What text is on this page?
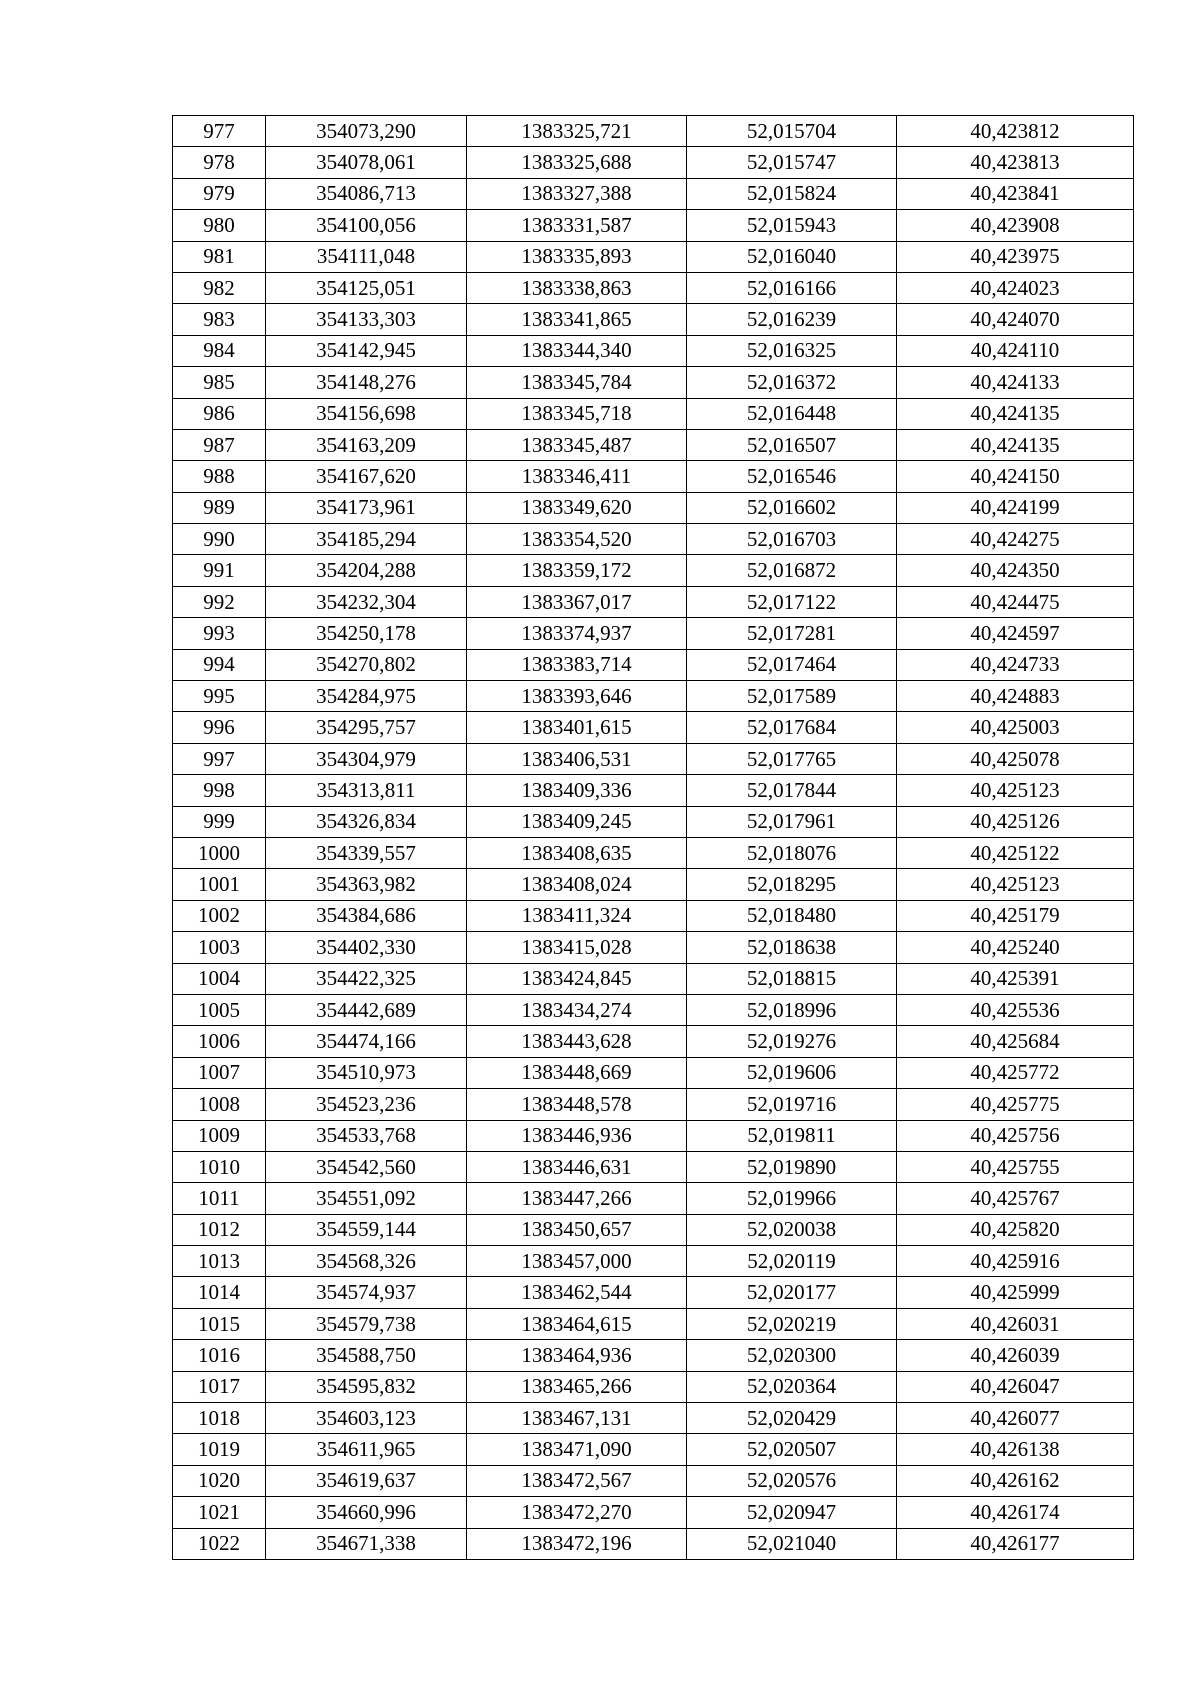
977	354073,290	1383325,721	52,015704	40,423812
978	354078,061	1383325,688	52,015747	40,423813
979	354086,713	1383327,388	52,015824	40,423841
980	354100,056	1383331,587	52,015943	40,423908
981	354111,048	1383335,893	52,016040	40,423975
982	354125,051	1383338,863	52,016166	40,424023
983	354133,303	1383341,865	52,016239	40,424070
984	354142,945	1383344,340	52,016325	40,424110
985	354148,276	1383345,784	52,016372	40,424133
986	354156,698	1383345,718	52,016448	40,424135
987	354163,209	1383345,487	52,016507	40,424135
988	354167,620	1383346,411	52,016546	40,424150
989	354173,961	1383349,620	52,016602	40,424199
990	354185,294	1383354,520	52,016703	40,424275
991	354204,288	1383359,172	52,016872	40,424350
992	354232,304	1383367,017	52,017122	40,424475
993	354250,178	1383374,937	52,017281	40,424597
994	354270,802	1383383,714	52,017464	40,424733
995	354284,975	1383393,646	52,017589	40,424883
996	354295,757	1383401,615	52,017684	40,425003
997	354304,979	1383406,531	52,017765	40,425078
998	354313,811	1383409,336	52,017844	40,425123
999	354326,834	1383409,245	52,017961	40,425126
1000	354339,557	1383408,635	52,018076	40,425122
1001	354363,982	1383408,024	52,018295	40,425123
1002	354384,686	1383411,324	52,018480	40,425179
1003	354402,330	1383415,028	52,018638	40,425240
1004	354422,325	1383424,845	52,018815	40,425391
1005	354442,689	1383434,274	52,018996	40,425536
1006	354474,166	1383443,628	52,019276	40,425684
1007	354510,973	1383448,669	52,019606	40,425772
1008	354523,236	1383448,578	52,019716	40,425775
1009	354533,768	1383446,936	52,019811	40,425756
1010	354542,560	1383446,631	52,019890	40,425755
1011	354551,092	1383447,266	52,019966	40,425767
1012	354559,144	1383450,657	52,020038	40,425820
1013	354568,326	1383457,000	52,020119	40,425916
1014	354574,937	1383462,544	52,020177	40,425999
1015	354579,738	1383464,615	52,020219	40,426031
1016	354588,750	1383464,936	52,020300	40,426039
1017	354595,832	1383465,266	52,020364	40,426047
1018	354603,123	1383467,131	52,020429	40,426077
1019	354611,965	1383471,090	52,020507	40,426138
1020	354619,637	1383472,567	52,020576	40,426162
1021	354660,996	1383472,270	52,020947	40,426174
1022	354671,338	1383472,196	52,021040	40,426177
